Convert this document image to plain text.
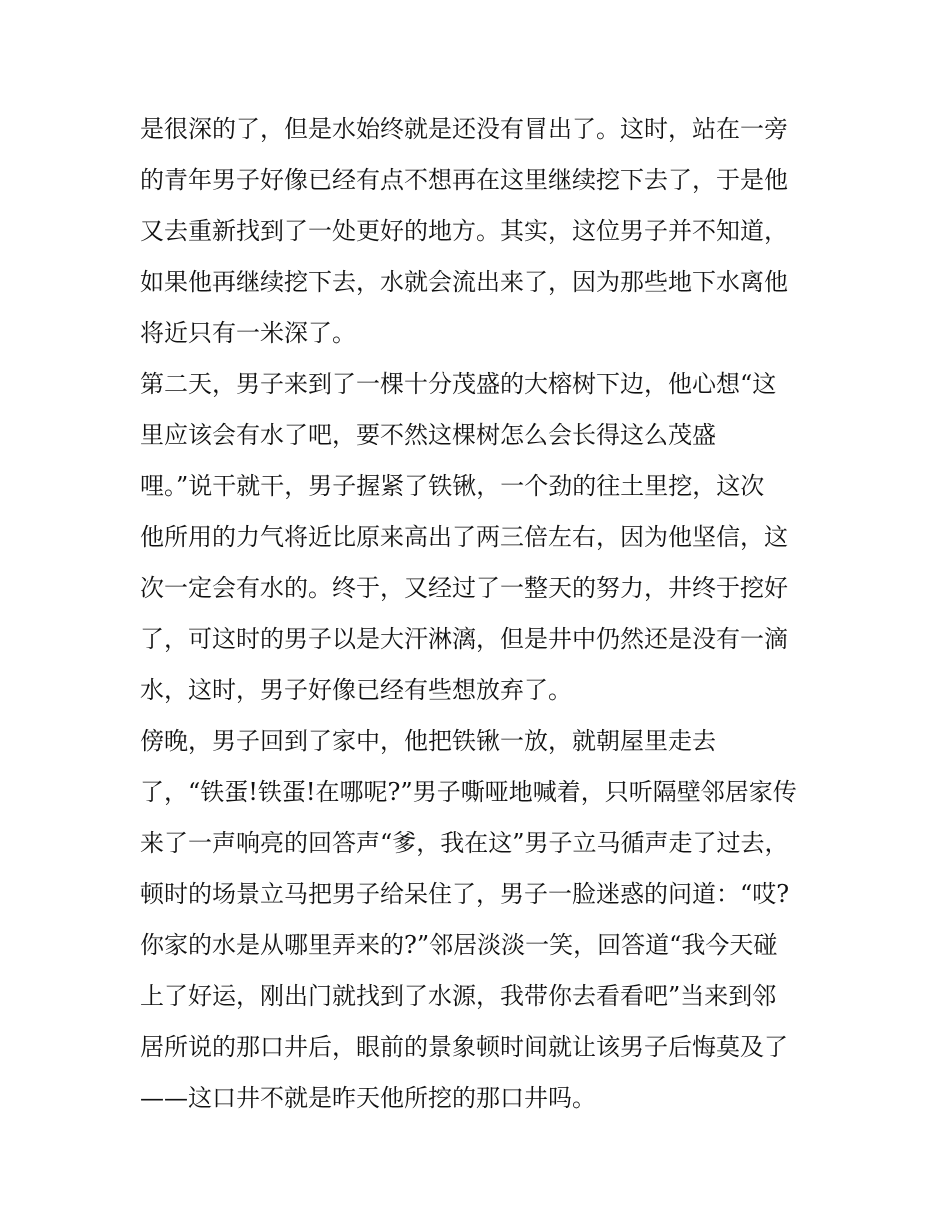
是很深的了，但是水始终就是还没有冒出了。这时，站在一旁

的青年男子好像已经有点不想再在这里继续挖下去了，于是他

又去重新找到了一处更好的地方。其实，这位男子并不知道，

如果他再继续挖下去，水就会流出来了，因为那些地下水离他

将近只有一米深了。

第二天，男子来到了一棵十分茂盛的大榕树下边，他心想“这

里应该会有水了吧，要不然这棵树怎么会长得这么茂盛

哩。”说干就干，男子握紧了铁锹，一个劲的往土里挖，这次

他所用的力气将近比原来高出了两三倍左右，因为他坚信，这

次一定会有水的。终于，又经过了一整天的努力，井终于挖好

了，可这时的男子以是大汗淋漓，但是井中仍然还是没有一滴

水，这时，男子好像已经有些想放弃了。

傍晚，男子回到了家中，他把铁锹一放，就朝屋里走去

了，“铁蛋!铁蛋!在哪呢?”男子嘶哑地喊着，只听隔壁邻居家传

来了一声响亮的回答声“爹，我在这”男子立马循声走了过去，

顿时的场景立马把男子给呆住了，男子一脸迷惑的问道：“哎?

你家的水是从哪里弄来的?”邻居淡淡一笑，回答道“我今天碰

上了好运，刚出门就找到了水源，我带你去看看吧”当来到邻

居所说的那口井后，眼前的景象顿时间就让该男子后悔莫及了

——这口井不就是昨天他所挖的那口井吗。
